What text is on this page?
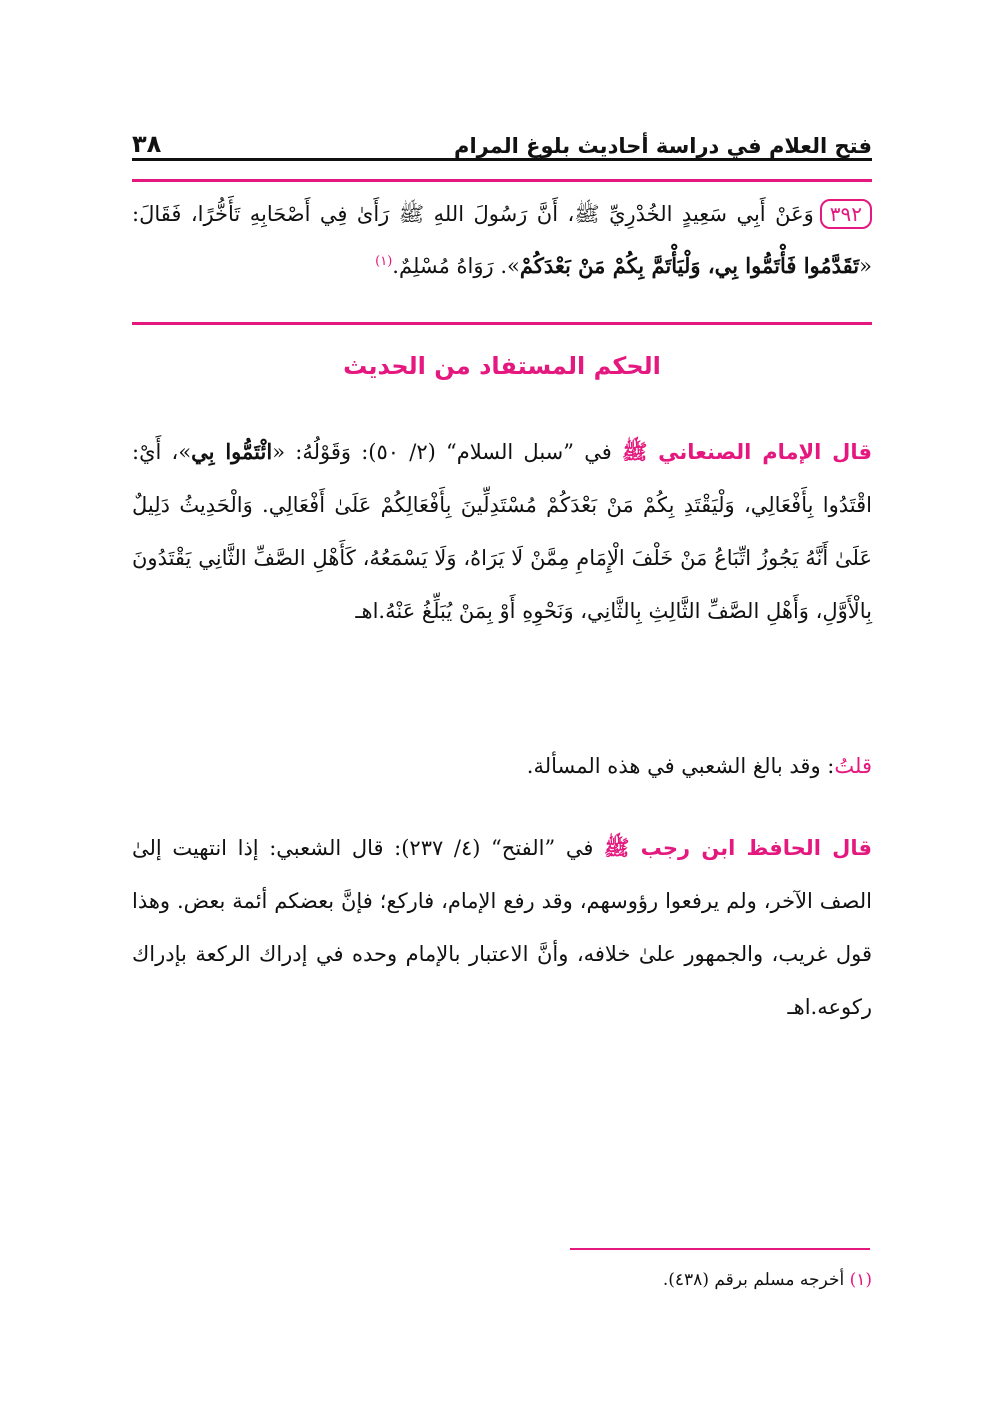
فتح العلام في دراسة أحاديث بلوغ المرام
٣٨
٣٩٢وَعَنْ أَبِي سَعِيدٍ الخُدْرِيِّ ﷺ، أَنَّ رَسُولَ اللهِ ﷺ رَأَىٰ فِي أَصْحَابِهِ تَأَخُّرًا، فَقَالَ: «تَقَدَّمُوا فَأْتَمُّوا بِي، وَلْيَأْتَمَّ بِكُمْ مَنْ بَعْدَكُمْ». رَوَاهُ مُسْلِمٌ.$^{(١)}$
الحكم المستفاد من الحديث
قال الإمام الصنعاني ﷺ في ”سبل السلام“ (٢/ ٥٠): وَقَوْلُهُ: «ائْتَمُّوا بِي»، أَيْ: اقْتَدُوا بِأَفْعَالِي، وَلْيَقْتَدِ بِكُمْ مَنْ بَعْدَكُمْ مُسْتَدِلِّينَ بِأَفْعَالِكُمْ عَلَىٰ أَفْعَالِي. وَالْحَدِيثُ دَلِيلٌ عَلَىٰ أَنَّهُ يَجُوزُ اتِّبَاعُ مَنْ خَلْفَ الْإِمَامِ مِمَّنْ لَا يَرَاهُ، وَلَا يَسْمَعُهُ، كَأَهْلِ الصَّفِّ الثَّانِي يَقْتَدُونَ بِالْأَوَّلِ، وَأَهْلِ الصَّفِّ الثَّالِثِ بِالثَّانِي، وَنَحْوِهِ أَوْ بِمَنْ يُبَلِّغُ عَنْهُ.اهـ
قلتُ: وقد بالغ الشعبي في هذه المسألة.
قال الحافظ ابن رجب ﷺ في ”الفتح“ (٤/ ٢٣٧): قال الشعبي: إذا انتهيت إلىٰ الصف الآخر، ولم يرفعوا رؤوسهم، وقد رفع الإمام، فاركع؛ فإنَّ بعضكم أئمة بعض. وهذا قول غريب، والجمهور علىٰ خلافه، وأنَّ الاعتبار بالإمام وحده في إدراك الركعة بإدراك ركوعه.اهـ
(١) أخرجه مسلم برقم (٤٣٨).
